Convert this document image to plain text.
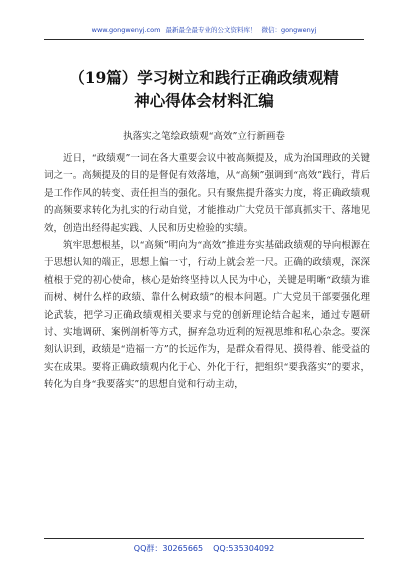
www.gongwenyj.com 最新最全最专业的公文资料库！ 微信：gongwenyj
（19篇）学习树立和践行正确政绩观精
神心得体会材料汇编
执落实之笔绘政绩观“高效”立行新画卷

近日，“政绩观”一词在各大重要会议中被高频提及，成为治国理政的关键词之一。高频提及的目的是督促有效落地，从“高频”强调到“高效”践行，背后是工作作风的转变、责任担当的强化。只有聚焦提升落实力度，将正确政绩观的高频要求转化为扎实的行动自觉，才能推动广大党员干部真抓实干、落地见效，创造出经得起实践、人民和历史检验的实绩。

筑牢思想根基，以“高频”明向为“高效”推进夯实基础政绩观的导向根源在于思想认知的端正，思想上偏一寸，行动上就会差一尺。正确的政绩观，深深植根于党的初心使命，核心是始终坚持以人民为中心，关键是明晰“政绩为谁而树、树什么样的政绩、靠什么树政绩”的根本问题。广大党员干部要强化理论武装，把学习正确政绩观相关要求与党的创新理论结合起来，通过专题研讨、实地调研、案例剖析等方式，摒弃急功近利的短视思维和私心杂念。要深刻认识到，政绩是“造福一方”的长远作为，是群众看得见、摸得着、能受益的实在成果。要将正确政绩观内化于心、外化于行，把组织“要我落实”的要求，转化为自身“我要落实”的思想自觉和行动主动，

QQ群：30265665 QQ:535304092
